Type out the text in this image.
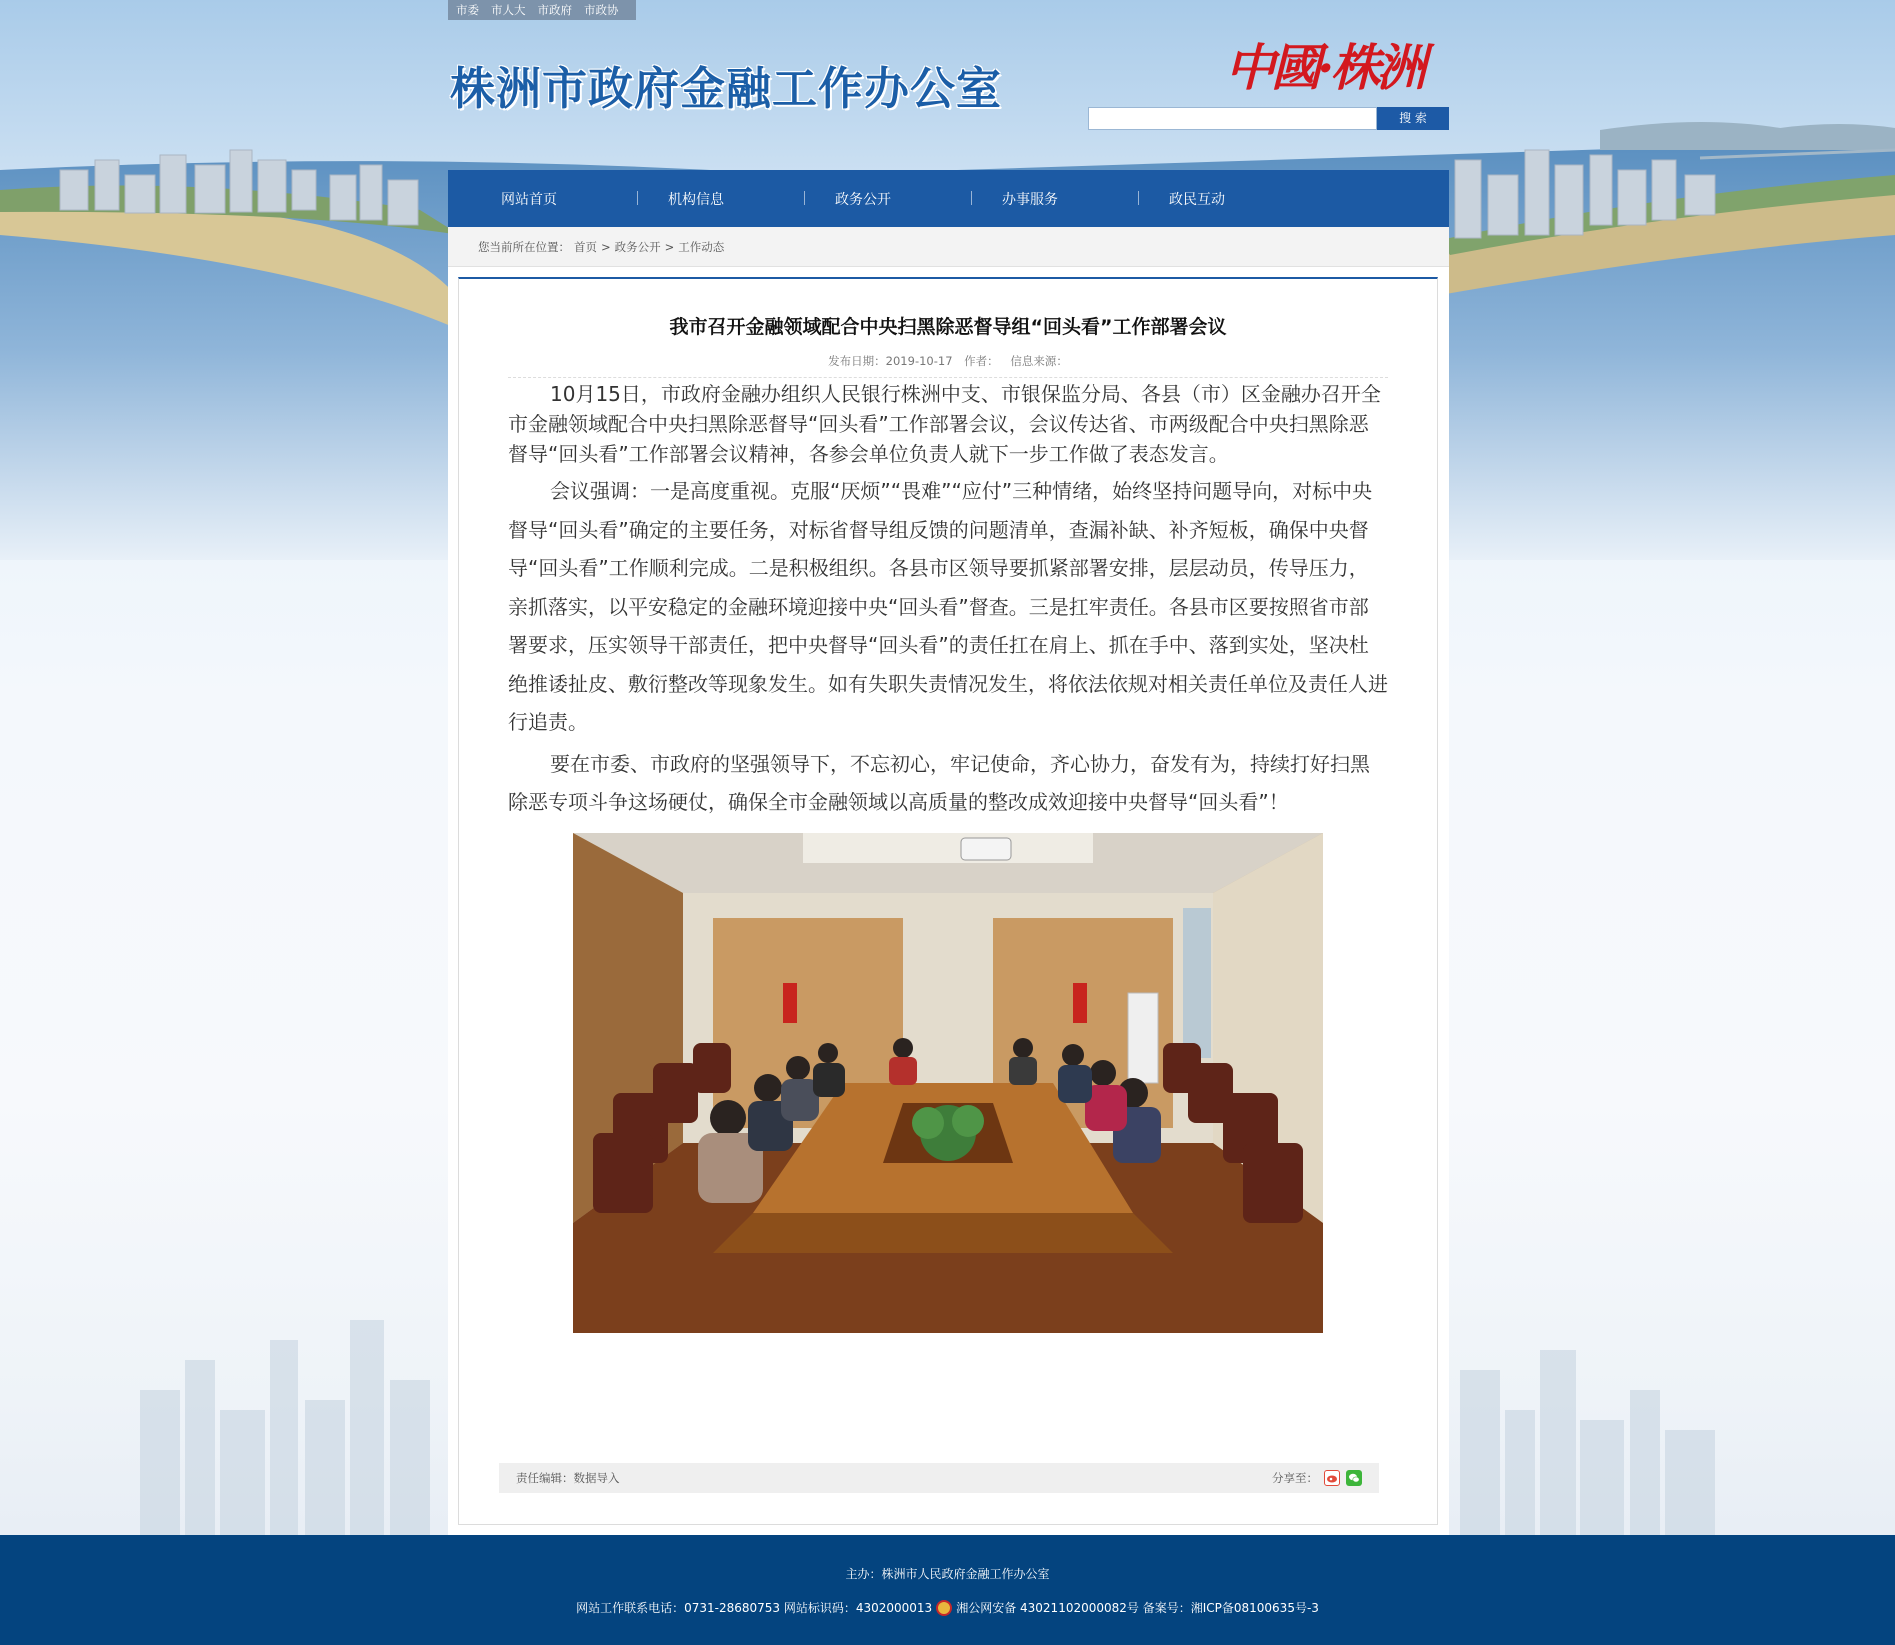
市委 市人大 市政府 市政协
株洲市政府金融工作办公室	中國·株洲
搜 索
网站首页	机构信息	政务公开	办事服务	政民互动
您当前所在位置： 首页 > 政务公开 > 工作动态
我市召开金融领域配合中央扫黑除恶督导组“回头看”工作部署会议
发布日期：2019-10-17 作者： 信息来源：

10月15日，市政府金融办组织人民银行株洲中支、市银保监分局、各县（市）区金融办召开全市金融领域配合中央扫黑除恶督导“回头看”工作部署会议，会议传达省、市两级配合中央扫黑除恶督导“回头看”工作部署会议精神，各参会单位负责人就下一步工作做了表态发言。

会议强调：一是高度重视。克服“厌烦”“畏难”“应付”三种情绪，始终坚持问题导向，对标中央督导“回头看”确定的主要任务，对标省督导组反馈的问题清单，查漏补缺、补齐短板，确保中央督导“回头看”工作顺利完成。二是积极组织。各县市区领导要抓紧部署安排，层层动员，传导压力，亲抓落实，以平安稳定的金融环境迎接中央“回头看”督查。三是扛牢责任。各县市区要按照省市部署要求，压实领导干部责任，把中央督导“回头看”的责任扛在肩上、抓在手中、落到实处，坚决杜绝推诿扯皮、敷衍整改等现象发生。如有失职失责情况发生，将依法依规对相关责任单位及责任人进行追责。

要在市委、市政府的坚强领导下，不忘初心，牢记使命，齐心协力，奋发有为，持续打好扫黑除恶专项斗争这场硬仗，确保全市金融领域以高质量的整改成效迎接中央督导“回头看”！

责任编辑：数据导入	分享至：
主办：株洲市人民政府金融工作办公室
网站工作联系电话：0731-28680753 网站标识码：4302000013 湘公网安备 43021102000082号 备案号：湘ICP备08100635号-3
